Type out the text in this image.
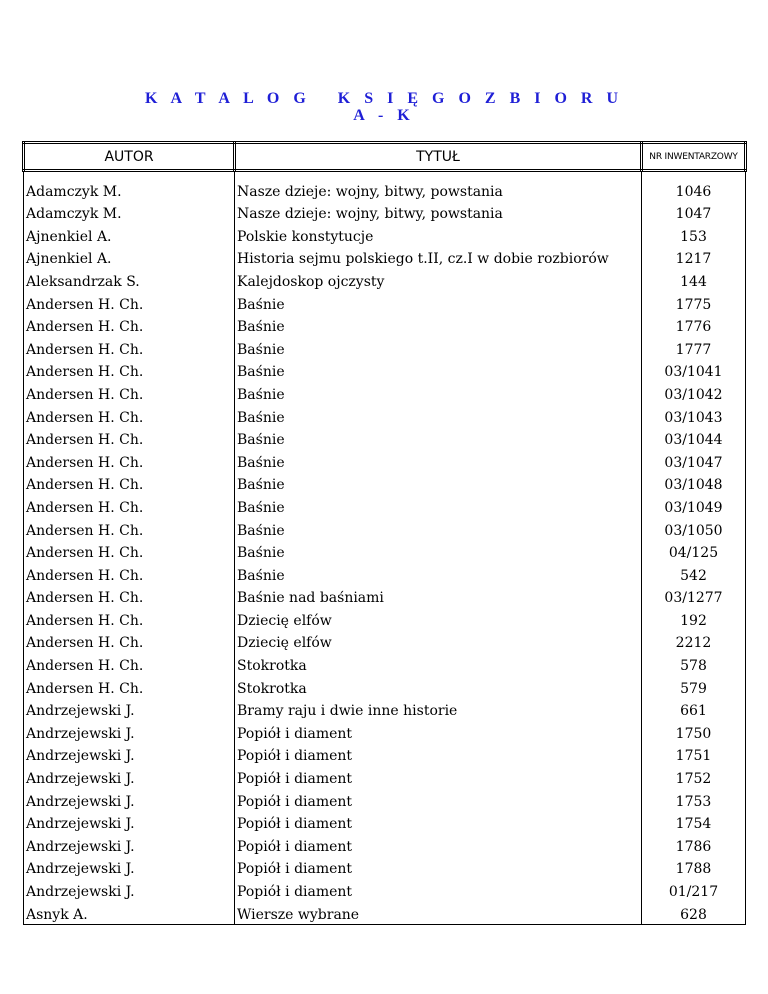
K A T A L O G   K S I Ę G O Z B I O R U
A - K
AUTOR	TYTUŁ	NR INWENTARZOWY

Adamczyk M.	Nasze dzieje: wojny, bitwy, powstania	1046
Adamczyk M.	Nasze dzieje: wojny, bitwy, powstania	1047
Ajnenkiel A.	Polskie konstytucje	153
Ajnenkiel A.	Historia sejmu polskiego t.II, cz.I w dobie rozbiorów	1217
Aleksandrzak S.	Kalejdoskop ojczysty	144
Andersen H. Ch.	Baśnie	1775
Andersen H. Ch.	Baśnie	1776
Andersen H. Ch.	Baśnie	1777
Andersen H. Ch.	Baśnie	03/1041
Andersen H. Ch.	Baśnie	03/1042
Andersen H. Ch.	Baśnie	03/1043
Andersen H. Ch.	Baśnie	03/1044
Andersen H. Ch.	Baśnie	03/1047
Andersen H. Ch.	Baśnie	03/1048
Andersen H. Ch.	Baśnie	03/1049
Andersen H. Ch.	Baśnie	03/1050
Andersen H. Ch.	Baśnie	04/125
Andersen H. Ch.	Baśnie	542
Andersen H. Ch.	Baśnie nad baśniami	03/1277
Andersen H. Ch.	Dziecię elfów	192
Andersen H. Ch.	Dziecię elfów	2212
Andersen H. Ch.	Stokrotka	578
Andersen H. Ch.	Stokrotka	579
Andrzejewski J.	Bramy raju i dwie inne historie	661
Andrzejewski J.	Popiół i diament	1750
Andrzejewski J.	Popiół i diament	1751
Andrzejewski J.	Popiół i diament	1752
Andrzejewski J.	Popiół i diament	1753
Andrzejewski J.	Popiół i diament	1754
Andrzejewski J.	Popiół i diament	1786
Andrzejewski J.	Popiół i diament	1788
Andrzejewski J.	Popiół i diament	01/217
Asnyk A.	Wiersze wybrane	628
